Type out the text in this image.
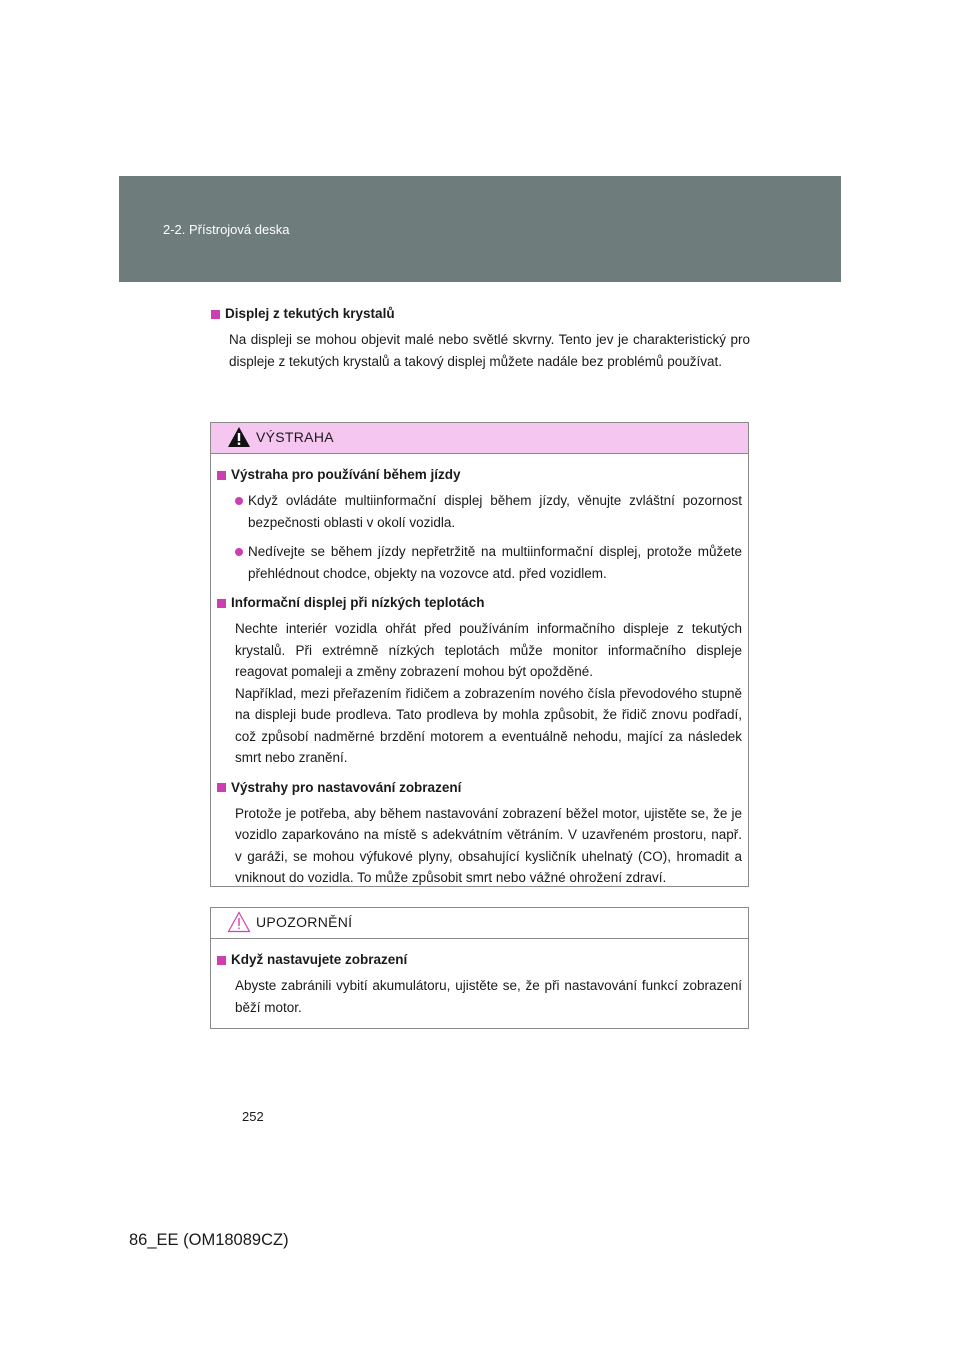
2-2. Přístrojová deska

Displej z tekutých krystalů

Na displeji se mohou objevit malé nebo světlé skvrny. Tento jev je charakteristický pro displeje z tekutých krystalů a takový displej můžete nadále bez problémů používat.

VÝSTRAHA

Výstraha pro používání během jízdy

Když ovládáte multiinformační displej během jízdy, věnujte zvláštní pozornost bezpečnosti oblasti v okolí vozidla.
Nedívejte se během jízdy nepřetržitě na multiinformační displej, protože můžete přehlédnout chodce, objekty na vozovce atd. před vozidlem.

Informační displej při nízkých teplotách

Nechte interiér vozidla ohřát před používáním informačního displeje z tekutých krystalů. Při extrémně nízkých teplotách může monitor informačního displeje reagovat pomaleji a změny zobrazení mohou být opožděné.

Například, mezi přeřazením řidičem a zobrazením nového čísla převodového stupně na displeji bude prodleva. Tato prodleva by mohla způsobit, že řidič znovu podřadí, což způsobí nadměrné brzdění motorem a eventuálně nehodu, mající za následek smrt nebo zranění.

Výstrahy pro nastavování zobrazení

Protože je potřeba, aby během nastavování zobrazení běžel motor, ujistěte se, že je vozidlo zaparkováno na místě s adekvátním větráním. V uzavřeném prostoru, např. v garáži, se mohou výfukové plyny, obsahující kysličník uhelnatý (CO), hromadit a vniknout do vozidla. To může způsobit smrt nebo vážné ohrožení zdraví.

UPOZORNĚNÍ

Když nastavujete zobrazení

Abyste zabránili vybití akumulátoru, ujistěte se, že při nastavování funkcí zobrazení běží motor.

252
86_EE (OM18089CZ)
